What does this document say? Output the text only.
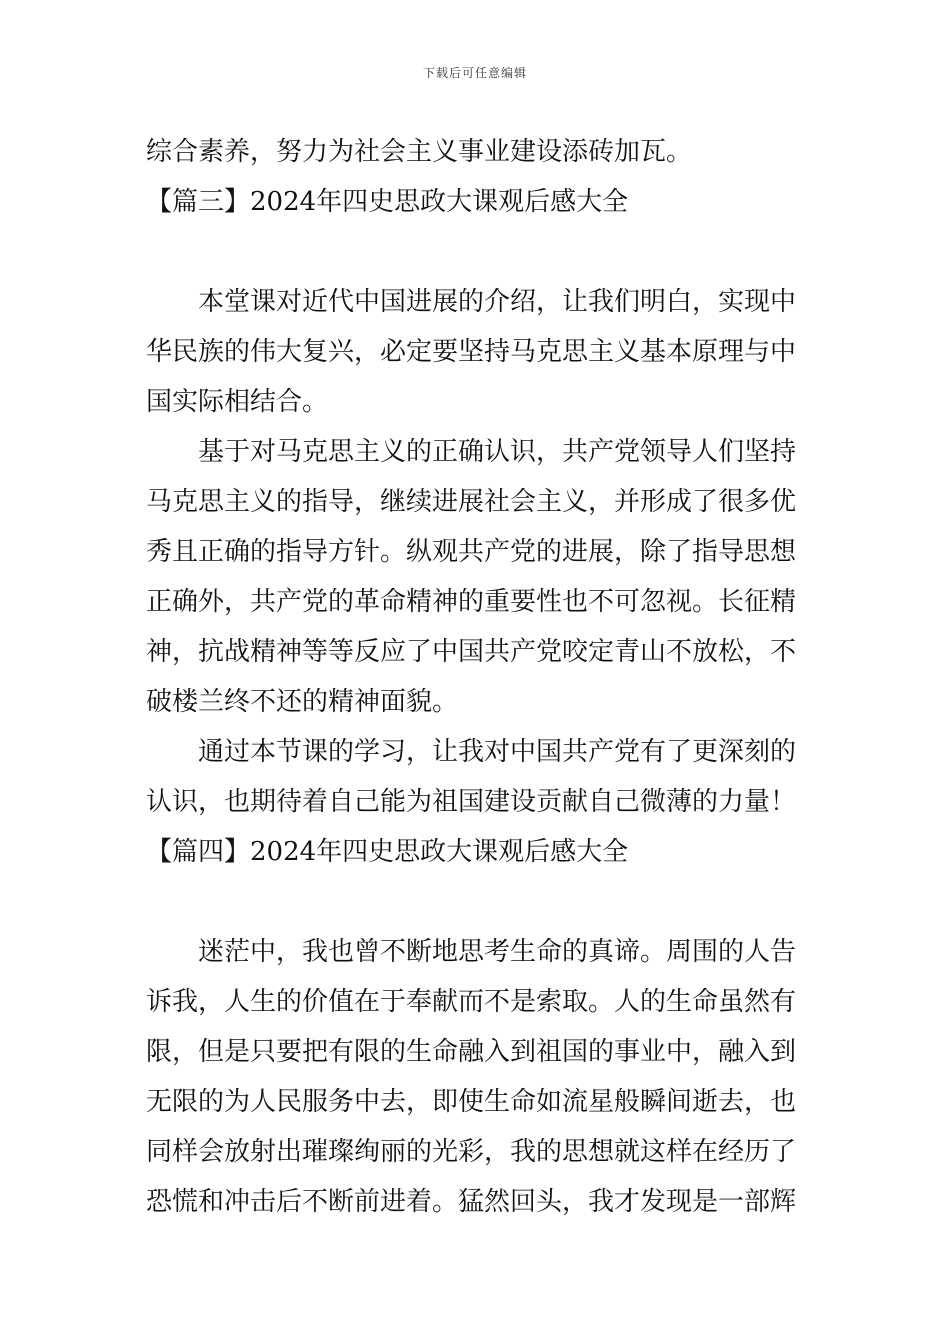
下载后可任意编辑
综合素养，努力为社会主义事业建设添砖加瓦。
【篇三】2024年四史思政大课观后感大全
本堂课对近代中国进展的介绍，让我们明白，实现中
华民族的伟大复兴，必定要坚持马克思主义基本原理与中
国实际相结合。
基于对马克思主义的正确认识，共产党领导人们坚持
马克思主义的指导，继续进展社会主义，并形成了很多优
秀且正确的指导方针。纵观共产党的进展，除了指导思想
正确外，共产党的革命精神的重要性也不可忽视。长征精
神，抗战精神等等反应了中国共产党咬定青山不放松，不
破楼兰终不还的精神面貌。
通过本节课的学习，让我对中国共产党有了更深刻的
认识，也期待着自己能为祖国建设贡献自己微薄的力量！
【篇四】2024年四史思政大课观后感大全
迷茫中，我也曾不断地思考生命的真谛。周围的人告
诉我，人生的价值在于奉献而不是索取。人的生命虽然有
限，但是只要把有限的生命融入到祖国的事业中，融入到
无限的为人民服务中去，即使生命如流星般瞬间逝去，也
同样会放射出璀璨绚丽的光彩，我的思想就这样在经历了
恐慌和冲击后不断前进着。猛然回头，我才发现是一部辉
